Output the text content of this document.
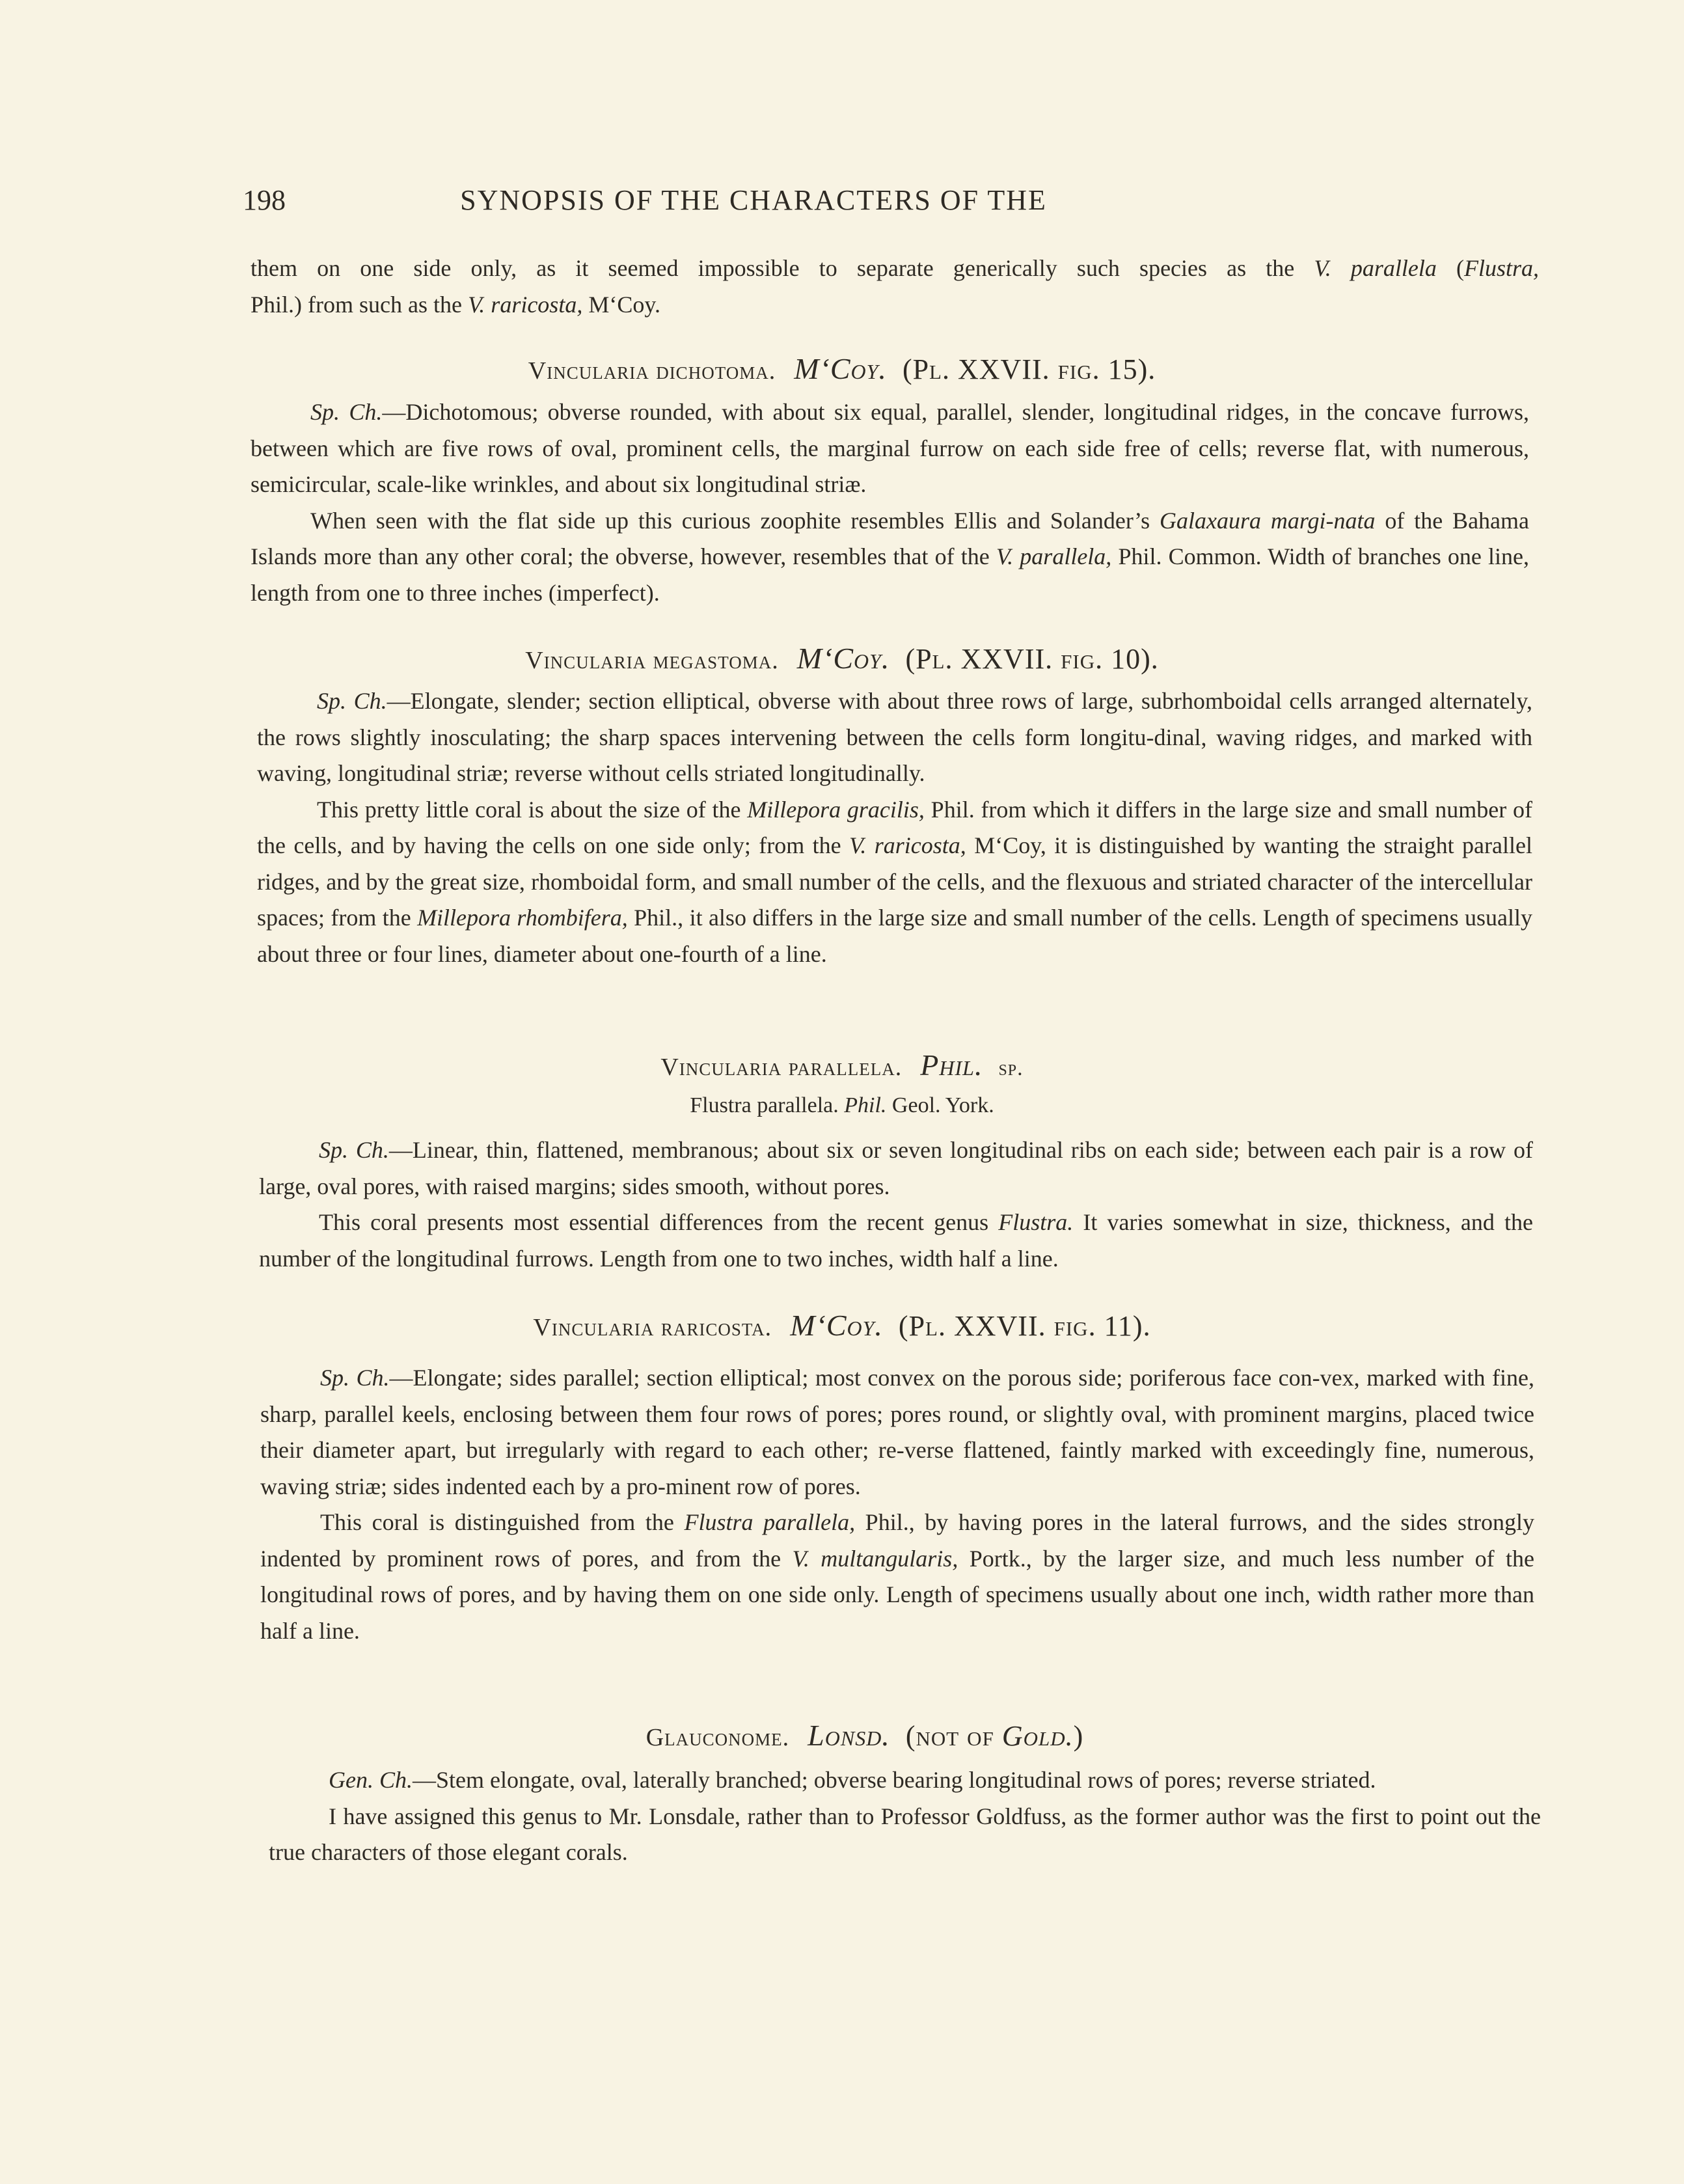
198	SYNOPSIS OF THE CHARACTERS OF THE

them on one side only, as it seemed impossible to separate generically such species as the V. parallela (Flustra,

Phil.) from such as the V. raricosta, M‘Coy.

Vincularia dichotoma. M‘Coy. (Pl. XXVII. fig. 15).

Sp. Ch.—Dichotomous; obverse rounded, with about six equal, parallel, slender, longitudinal ridges, in the concave furrows, between which are five rows of oval, prominent cells, the marginal furrow on each side free of cells; reverse flat, with numerous, semicircular, scale-like wrinkles, and about six longitudinal striæ.

When seen with the flat side up this curious zoophite resembles Ellis and Solander’s Galaxaura margi-nata of the Bahama Islands more than any other coral; the obverse, however, resembles that of the V. parallela, Phil. Common. Width of branches one line, length from one to three inches (imperfect).

Vincularia megastoma. M‘Coy. (Pl. XXVII. fig. 10).

Sp. Ch.—Elongate, slender; section elliptical, obverse with about three rows of large, subrhomboidal cells arranged alternately, the rows slightly inosculating; the sharp spaces intervening between the cells form longitu-dinal, waving ridges, and marked with waving, longitudinal striæ; reverse without cells striated longitudinally.

This pretty little coral is about the size of the Millepora gracilis, Phil. from which it differs in the large size and small number of the cells, and by having the cells on one side only; from the V. raricosta, M‘Coy, it is distinguished by wanting the straight parallel ridges, and by the great size, rhomboidal form, and small number of the cells, and the flexuous and striated character of the intercellular spaces; from the Millepora rhombifera, Phil., it also differs in the large size and small number of the cells. Length of specimens usually about three or four lines, diameter about one-fourth of a line.

Vincularia parallela. Phil. sp.
Flustra parallela. Phil. Geol. York.

Sp. Ch.—Linear, thin, flattened, membranous; about six or seven longitudinal ribs on each side; between each pair is a row of large, oval pores, with raised margins; sides smooth, without pores.

This coral presents most essential differences from the recent genus Flustra. It varies somewhat in size, thickness, and the number of the longitudinal furrows. Length from one to two inches, width half a line.

Vincularia raricosta. M‘Coy. (Pl. XXVII. fig. 11).

Sp. Ch.—Elongate; sides parallel; section elliptical; most convex on the porous side; poriferous face con-vex, marked with fine, sharp, parallel keels, enclosing between them four rows of pores; pores round, or slightly oval, with prominent margins, placed twice their diameter apart, but irregularly with regard to each other; re-verse flattened, faintly marked with exceedingly fine, numerous, waving striæ; sides indented each by a pro-minent row of pores.

This coral is distinguished from the Flustra parallela, Phil., by having pores in the lateral furrows, and the sides strongly indented by prominent rows of pores, and from the V. multangularis, Portk., by the larger size, and much less number of the longitudinal rows of pores, and by having them on one side only. Length of specimens usually about one inch, width rather more than half a line.

Glauconome. Lonsd. (not of Gold.)

Gen. Ch.—Stem elongate, oval, laterally branched; obverse bearing longitudinal rows of pores; reverse striated.

I have assigned this genus to Mr. Lonsdale, rather than to Professor Goldfuss, as the former author was the first to point out the true characters of those elegant corals.
